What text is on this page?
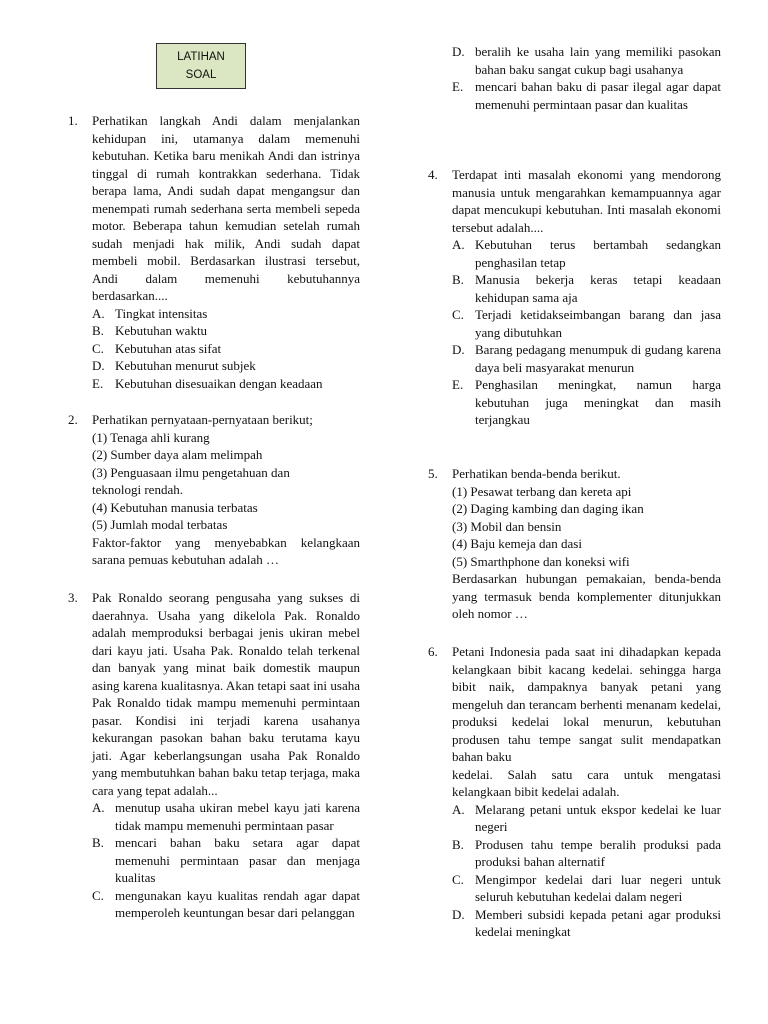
LATIHAN
SOAL
1. Perhatikan langkah Andi dalam menjalankan kehidupan ini, utamanya dalam memenuhi kebutuhan. Ketika baru menikah Andi dan istrinya tinggal di rumah kontrakkan sederhana. Tidak berapa lama, Andi sudah dapat mengangsur dan menempati rumah sederhana serta membeli sepeda motor. Beberapa tahun kemudian setelah rumah sudah menjadi hak milik, Andi sudah dapat membeli mobil. Berdasarkan ilustrasi tersebut, Andi dalam memenuhi kebutuhannya berdasarkan....
A. Tingkat intensitas
B. Kebutuhan waktu
C. Kebutuhan atas sifat
D. Kebutuhan menurut subjek
E. Kebutuhan disesuaikan dengan keadaan
2. Perhatikan pernyataan-pernyataan berikut;
(1) Tenaga ahli kurang
(2) Sumber daya alam melimpah
(3) Penguasaan ilmu pengetahuan dan teknologi rendah.
(4) Kebutuhan manusia terbatas
(5) Jumlah modal terbatas
Faktor-faktor yang menyebabkan kelangkaan sarana pemuas kebutuhan adalah …
3. Pak Ronaldo seorang pengusaha yang sukses di daerahnya. Usaha yang dikelola Pak. Ronaldo adalah memproduksi berbagai jenis ukiran mebel dari kayu jati. Usaha Pak. Ronaldo telah terkenal dan banyak yang minat baik domestik maupun asing karena kualitasnya. Akan tetapi saat ini usaha Pak Ronaldo tidak mampu memenuhi permintaan pasar. Kondisi ini terjadi karena usahanya kekurangan pasokan bahan baku terutama kayu jati. Agar keberlangsungan usaha Pak Ronaldo yang membutuhkan bahan baku tetap terjaga, maka cara yang tepat adalah...
A. menutup usaha ukiran mebel kayu jati karena tidak mampu memenuhi permintaan pasar
B. mencari bahan baku setara agar dapat memenuhi permintaan pasar dan menjaga kualitas
C. mengunakan kayu kualitas rendah agar dapat memperoleh keuntungan besar dari pelanggan
D. beralih ke usaha lain yang memiliki pasokan bahan baku sangat cukup bagi usahanya
E. mencari bahan baku di pasar ilegal agar dapat memenuhi permintaan pasar dan kualitas
4. Terdapat inti masalah ekonomi yang mendorong manusia untuk mengarahkan kemampuannya agar dapat mencukupi kebutuhan. Inti masalah ekonomi tersebut adalah....
A. Kebutuhan terus bertambah sedangkan penghasilan tetap
B. Manusia bekerja keras tetapi keadaan kehidupan sama aja
C. Terjadi ketidakseimbangan barang dan jasa yang dibutuhkan
D. Barang pedagang menumpuk di gudang karena daya beli masyarakat menurun
E. Penghasilan meningkat, namun harga kebutuhan juga meningkat dan masih terjangkau
5. Perhatikan benda-benda berikut.
(1) Pesawat terbang dan kereta api
(2) Daging kambing dan daging ikan
(3) Mobil dan bensin
(4) Baju kemeja dan dasi
(5) Smarthphone dan koneksi wifi
Berdasarkan hubungan pemakaian, benda-benda yang termasuk benda komplementer ditunjukkan oleh nomor …
6. Petani Indonesia pada saat ini dihadapkan kepada kelangkaan bibit kacang kedelai. sehingga harga bibit naik, dampaknya banyak petani yang mengeluh dan terancam berhenti menanam kedelai, produksi kedelai lokal menurun, kebutuhan produsen tahu tempe sangat sulit mendapatkan bahan baku
kedelai. Salah satu cara untuk mengatasi kelangkaan bibit kedelai adalah.
A. Melarang petani untuk ekspor kedelai ke luar negeri
B. Produsen tahu tempe beralih produksi pada produksi bahan alternatif
C. Mengimpor kedelai dari luar negeri untuk seluruh kebutuhan kedelai dalam negeri
D. Memberi subsidi kepada petani agar produksi kedelai meningkat
